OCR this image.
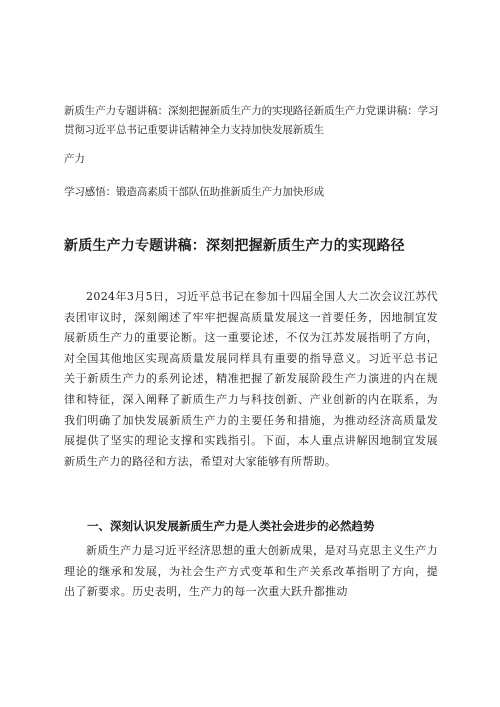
新质生产力专题讲稿：深刻把握新质生产力的实现路径新质生产力党课讲稿：学习贯彻习近平总书记重要讲话精神全力支持加快发展新质生
产力
学习感悟：锻造高素质干部队伍助推新质生产力加快形成
新质生产力专题讲稿：深刻把握新质生产力的实现路径
2024年3月5日，习近平总书记在参加十四届全国人大二次会议江苏代表团审议时，深刻阐述了牢牢把握高质量发展这一首要任务，因地制宜发展新质生产力的重要论断。这一重要论述，不仅为江苏发展指明了方向，对全国其他地区实现高质量发展同样具有重要的指导意义。习近平总书记关于新质生产力的系列论述，精准把握了新发展阶段生产力演进的内在规律和特征，深入阐释了新质生产力与科技创新、产业创新的内在联系，为我们明确了加快发展新质生产力的主要任务和措施，为推动经济高质量发展提供了坚实的理论支撑和实践指引。下面，本人重点讲解因地制宜发展新质生产力的路径和方法，希望对大家能够有所帮助。
一、深刻认识发展新质生产力是人类社会进步的必然趋势
新质生产力是习近平经济思想的重大创新成果，是对马克思主义生产力理论的继承和发展，为社会生产方式变革和生产关系改革指明了方向，提出了新要求。历史表明，生产力的每一次重大跃升都推动
